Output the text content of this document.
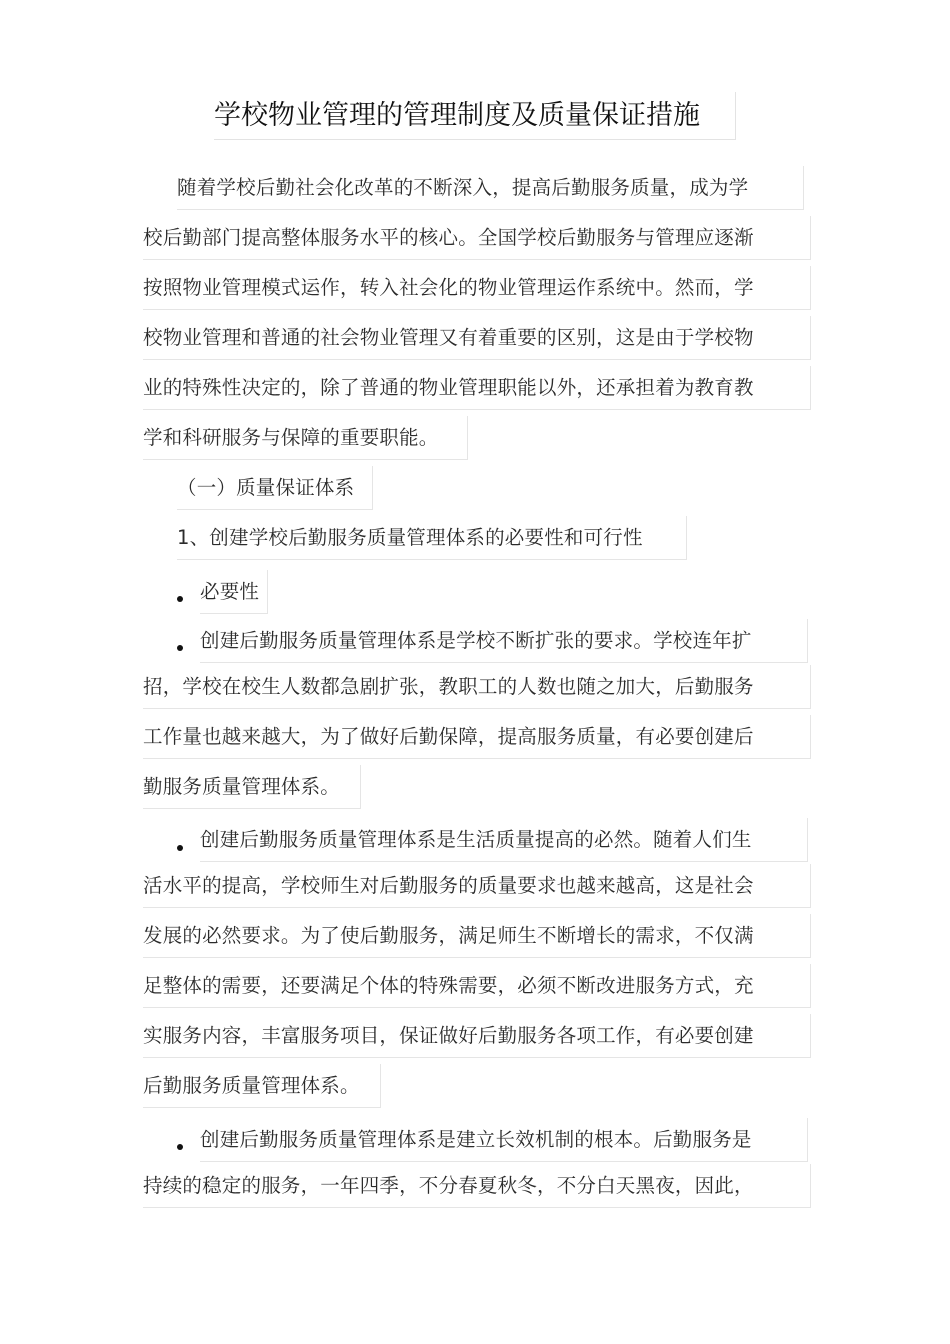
学校物业管理的管理制度及质量保证措施
随着学校后勤社会化改革的不断深入，提高后勤服务质量，成为学
校后勤部门提高整体服务水平的核心。全国学校后勤服务与管理应逐渐
按照物业管理模式运作，转入社会化的物业管理运作系统中。然而，学
校物业管理和普通的社会物业管理又有着重要的区别，这是由于学校物
业的特殊性决定的，除了普通的物业管理职能以外，还承担着为教育教
学和科研服务与保障的重要职能。
（一）质量保证体系
1、创建学校后勤服务质量管理体系的必要性和可行性
必要性
创建后勤服务质量管理体系是学校不断扩张的要求。学校连年扩
招，学校在校生人数都急剧扩张，教职工的人数也随之加大，后勤服务
工作量也越来越大，为了做好后勤保障，提高服务质量，有必要创建后
勤服务质量管理体系。
创建后勤服务质量管理体系是生活质量提高的必然。随着人们生
活水平的提高，学校师生对后勤服务的质量要求也越来越高，这是社会
发展的必然要求。为了使后勤服务，满足师生不断增长的需求，不仅满
足整体的需要，还要满足个体的特殊需要，必须不断改进服务方式，充
实服务内容，丰富服务项目，保证做好后勤服务各项工作，有必要创建
后勤服务质量管理体系。
创建后勤服务质量管理体系是建立长效机制的根本。后勤服务是
持续的稳定的服务，一年四季，不分春夏秋冬，不分白天黑夜，因此，
